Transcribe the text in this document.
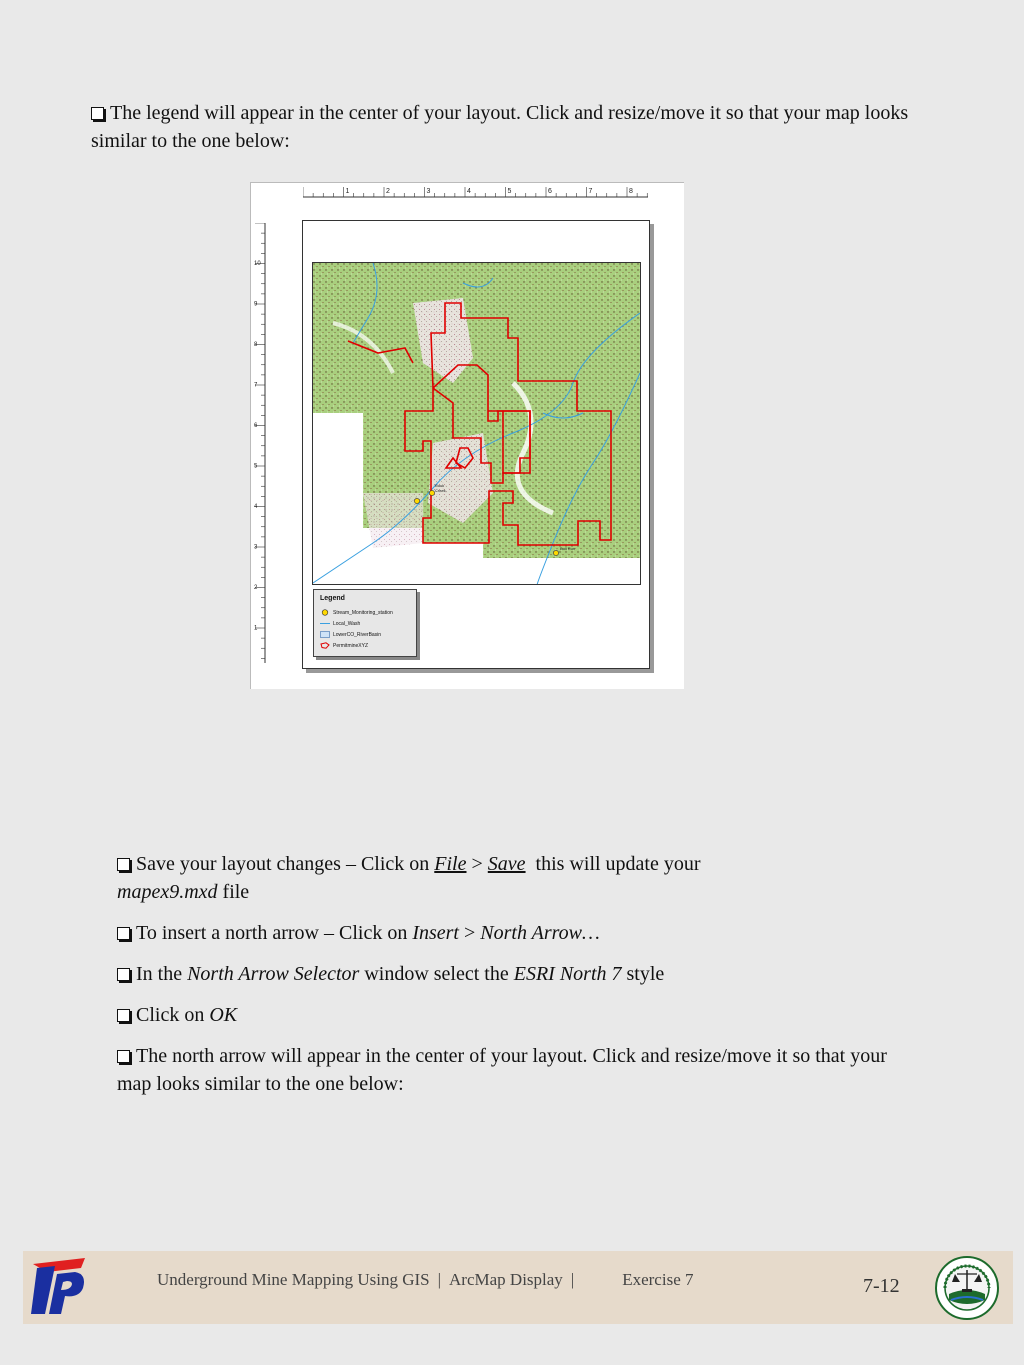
The legend will appear in the center of your layout. Click and resize/move it so that your map looks similar to the one below:
1	2	3	4	5	6	7	8
10
9
8
7
6
5
4
3
2
1
Rock
Creek
Bull Run
Legend
Stream_Monitoring_station
Local_Wash
LowerCO_RiverBasin
PermitmineXYZ
Save your layout changes – Click on File > Save  this will update your
mapex9.mxd file
To insert a north arrow – Click on Insert > North Arrow…
In the North Arrow Selector window select the ESRI North 7 style
Click on OK
The north arrow will appear in the center of your layout. Click and resize/move it so that your map looks similar to the one below:
Underground Mine Mapping Using GIS | ArcMap Display |	Exercise 7	7-12
